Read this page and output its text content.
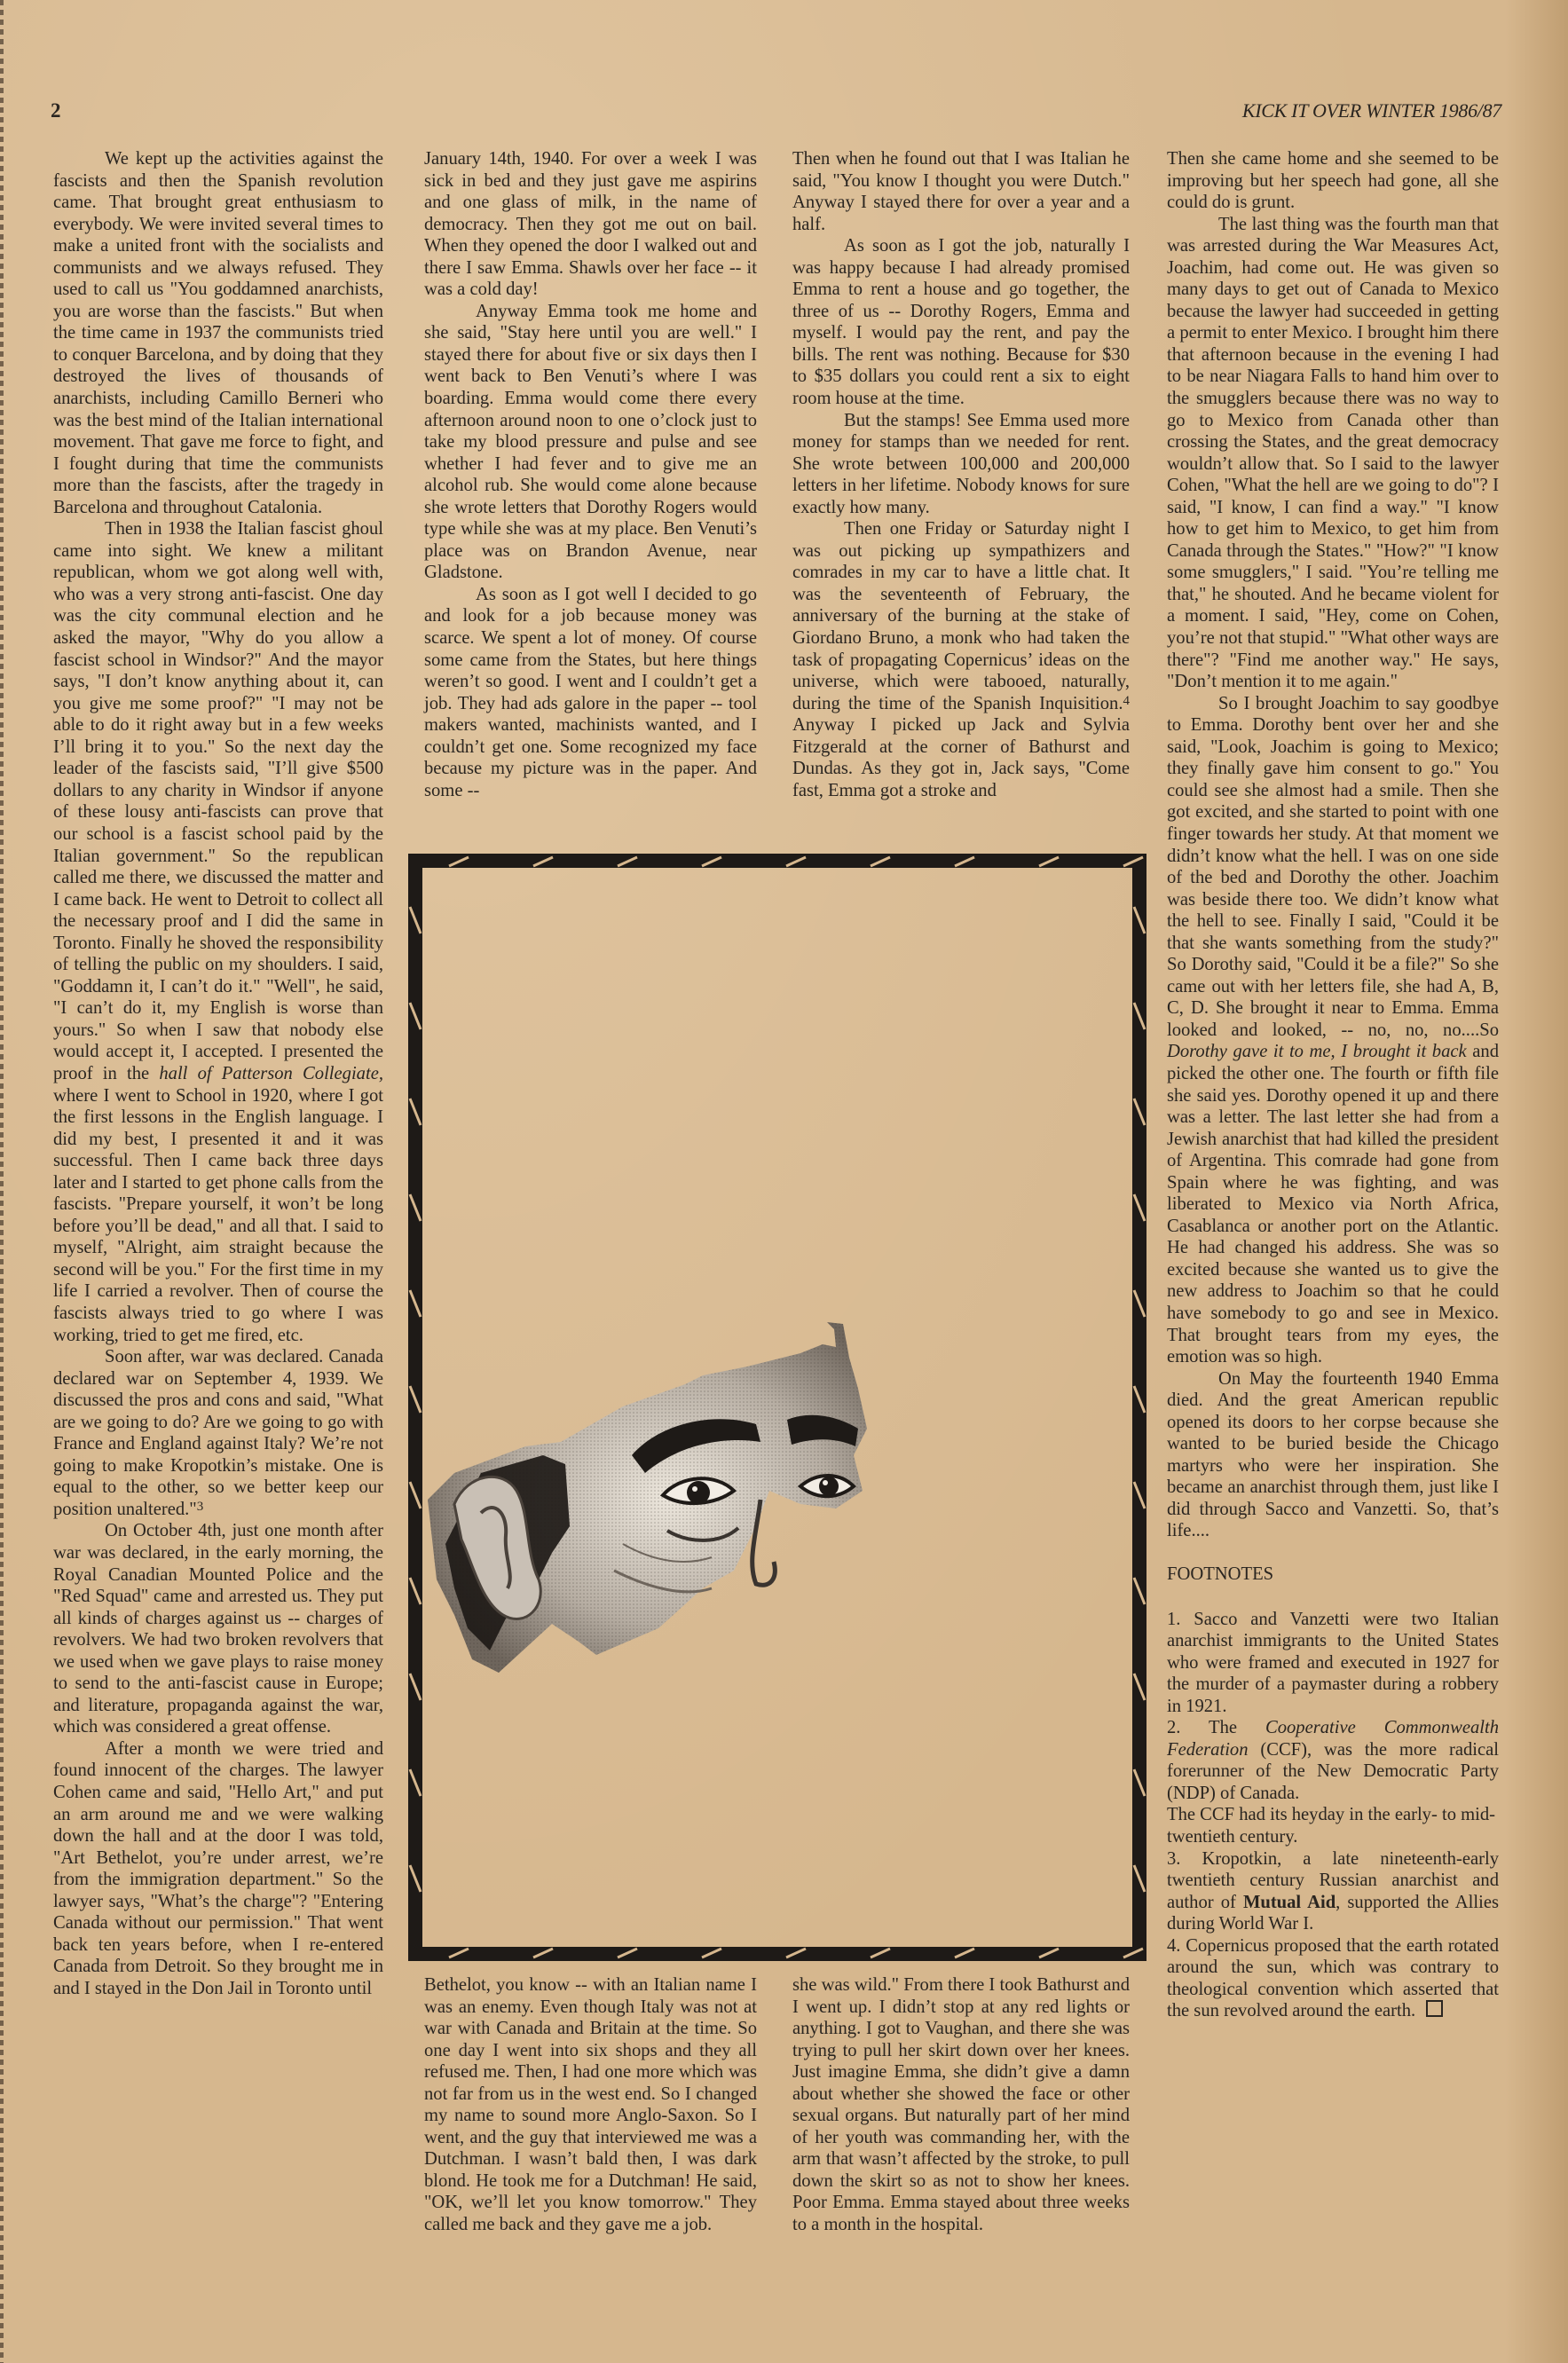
2	KICK IT OVER WINTER 1986/87

We kept up the activities against the fascists and then the Spanish revolution came. That brought great enthusiasm to everybody. We were invited several times to make a united front with the socialists and communists and we always refused. They used to call us "You goddamned anarchists, you are worse than the fascists." But when the time came in 1937 the communists tried to conquer Barcelona, and by doing that they destroyed the lives of thousands of anarchists, including Camillo Berneri who was the best mind of the Italian international movement. That gave me force to fight, and I fought during that time the communists more than the fascists, after the tragedy in Barcelona and throughout Catalonia.

Then in 1938 the Italian fascist ghoul came into sight. We knew a militant republican, whom we got along well with, who was a very strong anti-fascist. One day was the city communal election and he asked the mayor, "Why do you allow a fascist school in Windsor?" And the mayor says, "I don’t know anything about it, can you give me some proof?" "I may not be able to do it right away but in a few weeks I’ll bring it to you." So the next day the leader of the fascists said, "I’ll give $500 dollars to any charity in Windsor if anyone of these lousy anti-fascists can prove that our school is a fascist school paid by the Italian government." So the republican called me there, we discussed the matter and I came back. He went to Detroit to collect all the necessary proof and I did the same in Toronto. Finally he shoved the responsibility of telling the public on my shoulders. I said, "Goddamn it, I can’t do it." "Well", he said, "I can’t do it, my English is worse than yours." So when I saw that nobody else would accept it, I accepted. I presented the proof in the hall of Patterson Collegiate, where I went to School in 1920, where I got the first lessons in the English language. I did my best, I presented it and it was successful. Then I came back three days later and I started to get phone calls from the fascists. "Prepare yourself, it won’t be long before you’ll be dead," and all that. I said to myself, "Alright, aim straight because the second will be you." For the first time in my life I carried a revolver. Then of course the fascists always tried to go where I was working, tried to get me fired, etc.

Soon after, war was declared. Canada declared war on September 4, 1939. We discussed the pros and cons and said, "What are we going to do? Are we going to go with France and England against Italy? We’re not going to make Kropotkin’s mistake. One is equal to the other, so we better keep our position unaltered."$^3$

On October 4th, just one month after war was declared, in the early morning, the Royal Canadian Mounted Police and the "Red Squad" came and arrested us. They put all kinds of charges against us -- charges of revolvers. We had two broken revolvers that we used when we gave plays to raise money to send to the anti-fascist cause in Europe; and literature, propaganda against the war, which was considered a great offense.

After a month we were tried and found innocent of the charges. The lawyer Cohen came and said, "Hello Art," and put an arm around me and we were walking down the hall and at the door I was told, "Art Bethelot, you’re under arrest, we’re from the immigration department." So the lawyer says, "What’s the charge"? "Entering Canada without our permission." That went back ten years before, when I re-entered Canada from Detroit. So they brought me in and I stayed in the Don Jail in Toronto until

January 14th, 1940. For over a week I was sick in bed and they just gave me aspirins and one glass of milk, in the name of democracy. Then they got me out on bail. When they opened the door I walked out and there I saw Emma. Shawls over her face -- it was a cold day!

Anyway Emma took me home and she said, "Stay here until you are well." I stayed there for about five or six days then I went back to Ben Venuti’s where I was boarding. Emma would come there every afternoon around noon to one o’clock just to take my blood pressure and pulse and see whether I had fever and to give me an alcohol rub. She would come alone because she wrote letters that Dorothy Rogers would type while she was at my place. Ben Venuti’s place was on Brandon Avenue, near Gladstone.

As soon as I got well I decided to go and look for a job because money was scarce. We spent a lot of money. Of course some came from the States, but here things weren’t so good. I went and I couldn’t get a job. They had ads galore in the paper -- tool makers wanted, machinists wanted, and I couldn’t get one. Some recognized my face because my picture was in the paper. And some --

Then when he found out that I was Italian he said, "You know I thought you were Dutch." Anyway I stayed there for over a year and a half.

As soon as I got the job, naturally I was happy because I had already promised Emma to rent a house and go together, the three of us -- Dorothy Rogers, Emma and myself. I would pay the rent, and pay the bills. The rent was nothing. Because for $30 to $35 dollars you could rent a six to eight room house at the time.

But the stamps! See Emma used more money for stamps than we needed for rent. She wrote between 100,000 and 200,000 letters in her lifetime. Nobody knows for sure exactly how many.

Then one Friday or Saturday night I was out picking up sympathizers and comrades in my car to have a little chat. It was the seventeenth of February, the anniversary of the burning at the stake of Giordano Bruno, a monk who had taken the task of propagating Copernicus’ ideas on the universe, which were tabooed, naturally, during the time of the Spanish Inquisition.$^4$ Anyway I picked up Jack and Sylvia Fitzgerald at the corner of Bathurst and Dundas. As they got in, Jack says, "Come fast, Emma got a stroke and

Bethelot, you know -- with an Italian name I was an enemy. Even though Italy was not at war with Canada and Britain at the time. So one day I went into six shops and they all refused me. Then, I had one more which was not far from us in the west end. So I changed my name to sound more Anglo-Saxon. So I went, and the guy that interviewed me was a Dutchman. I wasn’t bald then, I was dark blond. He took me for a Dutchman! He said, "OK, we’ll let you know tomorrow." They called me back and they gave me a job.

she was wild." From there I took Bathurst and I went up. I didn’t stop at any red lights or anything. I got to Vaughan, and there she was trying to pull her skirt down over her knees. Just imagine Emma, she didn’t give a damn about whether she showed the face or other sexual organs. But naturally part of her mind of her youth was commanding her, with the arm that wasn’t affected by the stroke, to pull down the skirt so as not to show her knees. Poor Emma. Emma stayed about three weeks to a month in the hospital.

Then she came home and she seemed to be improving but her speech had gone, all she could do is grunt.

The last thing was the fourth man that was arrested during the War Measures Act, Joachim, had come out. He was given so many days to get out of Canada to Mexico because the lawyer had succeeded in getting a permit to enter Mexico. I brought him there that afternoon because in the evening I had to be near Niagara Falls to hand him over to the smugglers because there was no way to go to Mexico from Canada other than crossing the States, and the great democracy wouldn’t allow that. So I said to the lawyer Cohen, "What the hell are we going to do"? I said, "I know, I can find a way." "I know how to get him to Mexico, to get him from Canada through the States." "How?" "I know some smugglers," I said. "You’re telling me that," he shouted. And he became violent for a moment. I said, "Hey, come on Cohen, you’re not that stupid." "What other ways are there"? "Find me another way." He says, "Don’t mention it to me again."

So I brought Joachim to say goodbye to Emma. Dorothy bent over her and she said, "Look, Joachim is going to Mexico; they finally gave him consent to go." You could see she almost had a smile. Then she got excited, and she started to point with one finger towards her study. At that moment we didn’t know what the hell. I was on one side of the bed and Dorothy the other. Joachim was beside there too. We didn’t know what the hell to see. Finally I said, "Could it be that she wants something from the study?" So Dorothy said, "Could it be a file?" So she came out with her letters file, she had A, B, C, D. She brought it near to Emma. Emma looked and looked, -- no, no, no....So Dorothy gave it to me, I brought it back and picked the other one. The fourth or fifth file she said yes. Dorothy opened it up and there was a letter. The last letter she had from a Jewish anarchist that had killed the president of Argentina. This comrade had gone from Spain where he was fighting, and was liberated to Mexico via North Africa, Casablanca or another port on the Atlantic. He had changed his address. She was so excited because she wanted us to give the new address to Joachim so that he could have somebody to go and see in Mexico. That brought tears from my eyes, the emotion was so high.

On May the fourteenth 1940 Emma died. And the great American republic opened its doors to her corpse because she wanted to be buried beside the Chicago martyrs who were her inspiration. She became an anarchist through them, just like I did through Sacco and Vanzetti. So, that’s life....

FOOTNOTES

1. Sacco and Vanzetti were two Italian anarchist immigrants to the United States who were framed and executed in 1927 for the murder of a paymaster during a robbery in 1921.

2. The Cooperative Commonwealth Federation (CCF), was the more radical forerunner of the New Democratic Party (NDP) of Canada.

The CCF had its heyday in the early- to mid-twentieth century.

3. Kropotkin, a late nineteenth-early twentieth century Russian anarchist and author of Mutual Aid, supported the Allies during World War I.

4. Copernicus proposed that the earth rotated around the sun, which was contrary to theological convention which asserted that the sun revolved around the earth.
